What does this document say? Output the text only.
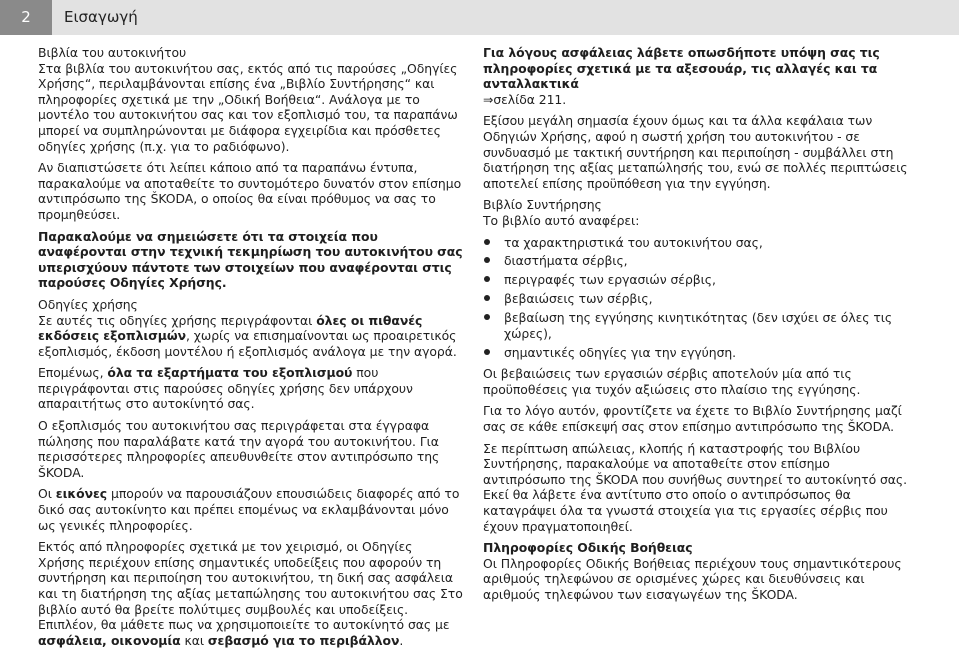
2	Εισαγωγή
Βιβλία του αυτοκινήτου

Στα βιβλία του αυτοκινήτου σας, εκτός από τις παρούσες „Οδηγίες Χρήσης“, περιλαμβάνονται επίσης ένα „Βιβλίο Συντήρησης“ και πληροφορίες σχετικά με την „Οδική Βοήθεια“. Ανάλογα με το μοντέλο του αυτοκινήτου σας και τον εξοπλισμό του, τα παραπάνω μπορεί να συμπληρώνονται με διάφορα εγχειρίδια και πρόσθετες οδηγίες χρήσης (π.χ. για το ραδιόφωνο).

Αν διαπιστώσετε ότι λείπει κάποιο από τα παραπάνω έντυπα, παρακαλούμε να αποταθείτε το συντομότερο δυνατόν στον επίσημο αντιπρόσωπο της ŠKODA, ο οποίος θα είναι πρόθυμος να σας το προμηθεύσει.

Παρακαλούμε να σημειώσετε ότι τα στοιχεία που αναφέρονται στην τεχνική τεκμηρίωση του αυτοκινήτου σας υπερισχύουν πάντοτε των στοιχείων που αναφέρονται στις παρούσες Οδηγίες Χρήσης.

Οδηγίες χρήσης

Σε αυτές τις οδηγίες χρήσης περιγράφονται όλες οι πιθανές εκδόσεις εξοπλισμών, χωρίς να επισημαίνονται ως προαιρετικός εξοπλισμός, έκδοση μοντέλου ή εξοπλισμός ανάλογα με την αγορά.

Επομένως, όλα τα εξαρτήματα του εξοπλισμού που περιγράφονται στις παρούσες οδηγίες χρήσης δεν υπάρχουν απαραιτήτως στο αυτοκίνητό σας.

Ο εξοπλισμός του αυτοκινήτου σας περιγράφεται στα έγγραφα πώλησης που παραλάβατε κατά την αγορά του αυτοκινήτου. Για περισσότερες πληροφορίες απευθυνθείτε στον αντιπρόσωπο της ŠKODA.

Οι εικόνες μπορούν να παρουσιάζουν επουσιώδεις διαφορές από το δικό σας αυτοκίνητο και πρέπει επομένως να εκλαμβάνονται μόνο ως γενικές πληροφορίες.

Εκτός από πληροφορίες σχετικά με τον χειρισμό, οι Οδηγίες Χρήσης περιέχουν επίσης σημαντικές υποδείξεις που αφορούν τη συντήρηση και περιποίηση του αυτοκινήτου, τη δική σας ασφάλεια και τη διατήρηση της αξίας μεταπώλησης του αυτοκινήτου σας Στο βιβλίο αυτό θα βρείτε πολύτιμες συμβουλές και υποδείξεις. Επιπλέον, θα μάθετε πως να χρησιμοποιείτε το αυτοκίνητό σας με ασφάλεια, οικονομία και σεβασμό για το περιβάλλον.

Για λόγους ασφάλειας λάβετε οπωσδήποτε υπόψη σας τις πληροφορίες σχετικά με τα αξεσουάρ, τις αλλαγές και τα ανταλλακτικά
⇒σελίδα 211.

Εξίσου μεγάλη σημασία έχουν όμως και τα άλλα κεφάλαια των Οδηγιών Χρήσης, αφού η σωστή χρήση του αυτοκινήτου - σε συνδυασμό με τακτική συντήρηση και περιποίηση - συμβάλλει στη διατήρηση της αξίας μεταπώλησής του, ενώ σε πολλές περιπτώσεις αποτελεί επίσης προϋπόθεση για την εγγύηση.

Βιβλίο Συντήρησης

Το βιβλίο αυτό αναφέρει:

τα χαρακτηριστικά του αυτοκινήτου σας,
διαστήματα σέρβις,
περιγραφές των εργασιών σέρβις,
βεβαιώσεις των σέρβις,
βεβαίωση της εγγύησης κινητικότητας (δεν ισχύει σε όλες τις χώρες),
σημαντικές οδηγίες για την εγγύηση.

Οι βεβαιώσεις των εργασιών σέρβις αποτελούν μία από τις προϋποθέσεις για τυχόν αξιώσεις στο πλαίσιο της εγγύησης.

Για το λόγο αυτόν, φροντίζετε να έχετε το Βιβλίο Συντήρησης μαζί σας σε κάθε επίσκεψή σας στον επίσημο αντιπρόσωπο της ŠKODA.

Σε περίπτωση απώλειας, κλοπής ή καταστροφής του Βιβλίου Συντήρησης, παρακαλούμε να αποταθείτε στον επίσημο αντιπρόσωπο της ŠKODA που συνήθως συντηρεί το αυτοκίνητό σας. Εκεί θα λάβετε ένα αντίτυπο στο οποίο ο αντιπρόσωπος θα καταγράψει όλα τα γνωστά στοιχεία για τις εργασίες σέρβις που έχουν πραγματοποιηθεί.

Πληροφορίες Οδικής Βοήθειας

Οι Πληροφορίες Οδικής Βοήθειας περιέχουν τους σημαντικότερους αριθμούς τηλεφώνου σε ορισμένες χώρες και διευθύνσεις και αριθμούς τηλεφώνου των εισαγωγέων της ŠKODA.
